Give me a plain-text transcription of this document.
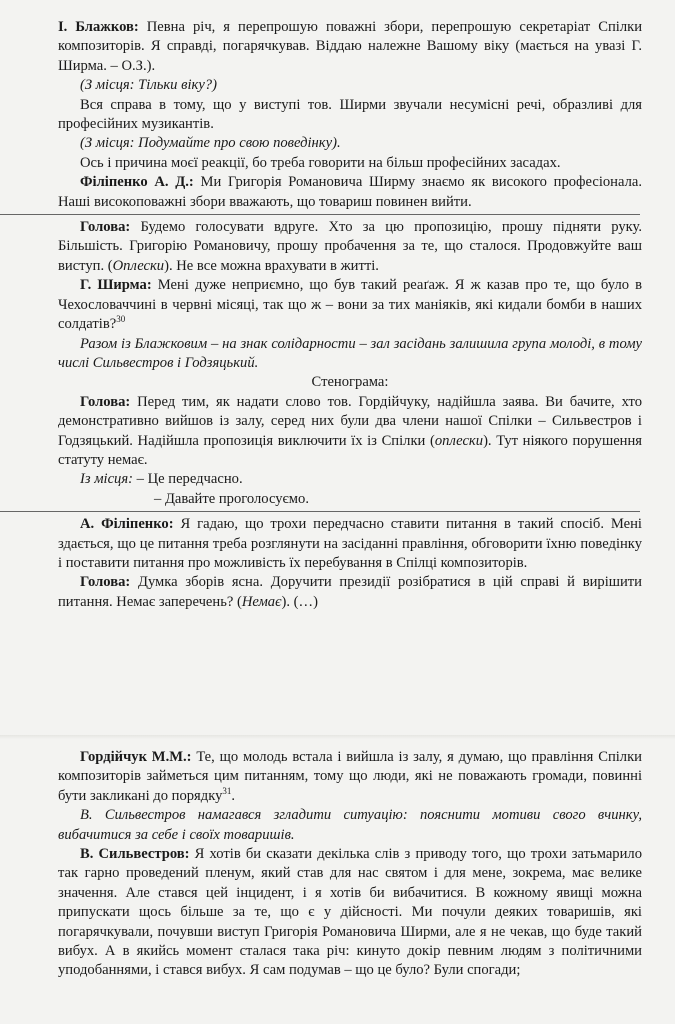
І. Блажков: Певна річ, я перепрошую поважні збори, перепрошую секретаріат Спілки композиторів. Я справді, погарячкував. Віддаю належне Вашому віку (мається на увазі Г. Ширма. – О.З.).

(З місця: Тільки віку?)

Вся справа в тому, що у виступі тов. Ширми звучали несумісні речі, образливі для професійних музикантів.

(З місця: Подумайте про свою поведінку).

Ось і причина моєї реакції, бо треба говорити на більш професійних засадах.

Філіпенко А. Д.: Ми Григорія Романовича Ширму знаємо як високого професіонала. Наші високоповажні збори вважають, що товариш повинен вийти.

Голова: Будемо голосувати вдруге. Хто за цю пропозицію, прошу підняти руку. Більшість. Григорію Романовичу, прошу пробачення за те, що сталося. Продовжуйте ваш виступ. (Оплески). Не все можна врахувати в житті.

Г. Ширма: Мені дуже неприємно, що був такий реаґаж. Я ж казав про те, що було в Чехословаччині в червні місяці, так що ж – вони за тих маніяків, які кидали бомби в наших солдатів?$^{30}$

Разом із Блажковим – на знак солідарности – зал засідань залишила група молоді, в тому числі Сильвестров і Годзяцький.

Стенограма:

Голова: Перед тим, як надати слово тов. Гордійчуку, надійшла заява. Ви бачите, хто демонстративно вийшов із залу, серед них були два члени нашої Спілки – Сильвестров і Годзяцький. Надійшла пропозиція виключити їх із Спілки (оплески). Тут ніякого порушення статуту немає.

Із місця: – Це передчасно.

– Давайте проголосуємо.

А. Філіпенко: Я гадаю, що трохи передчасно ставити питання в такий спосіб. Мені здається, що це питання треба розглянути на засіданні правління, обговорити їхню поведінку і поставити питання про можливість їх перебування в Спілці композиторів.

Голова: Думка зборів ясна. Доручити президії розібратися в цій справі й вирішити питання. Немає заперечень? (Немає). (…)

Гордійчук М.М.: Те, що молодь встала і вийшла із залу, я думаю, що правління Спілки композиторів займеться цим питанням, тому що люди, які не поважають громади, повинні бути закликані до порядку$^{31}$.

В. Сильвестров намагався згладити ситуацію: пояснити мотиви свого вчинку, вибачитися за себе і своїх товаришів.

В. Сильвестров: Я хотів би сказати декілька слів з приводу того, що трохи затьмарило так гарно проведений пленум, який став для нас святом і для мене, зокрема, має велике значення. Але стався цей інцидент, і я хотів би вибачитися. В кожному явищі можна припускати щось більше за те, що є у дійсності. Ми почули деяких товаришів, які погарячкували, почувши виступ Григорія Романовича Ширми, але я не чекав, що буде такий вибух. А в якийсь момент сталася така річ: кинуто докір певним людям з політичними уподобаннями, і стався вибух. Я сам подумав – що це було? Були спогади;
